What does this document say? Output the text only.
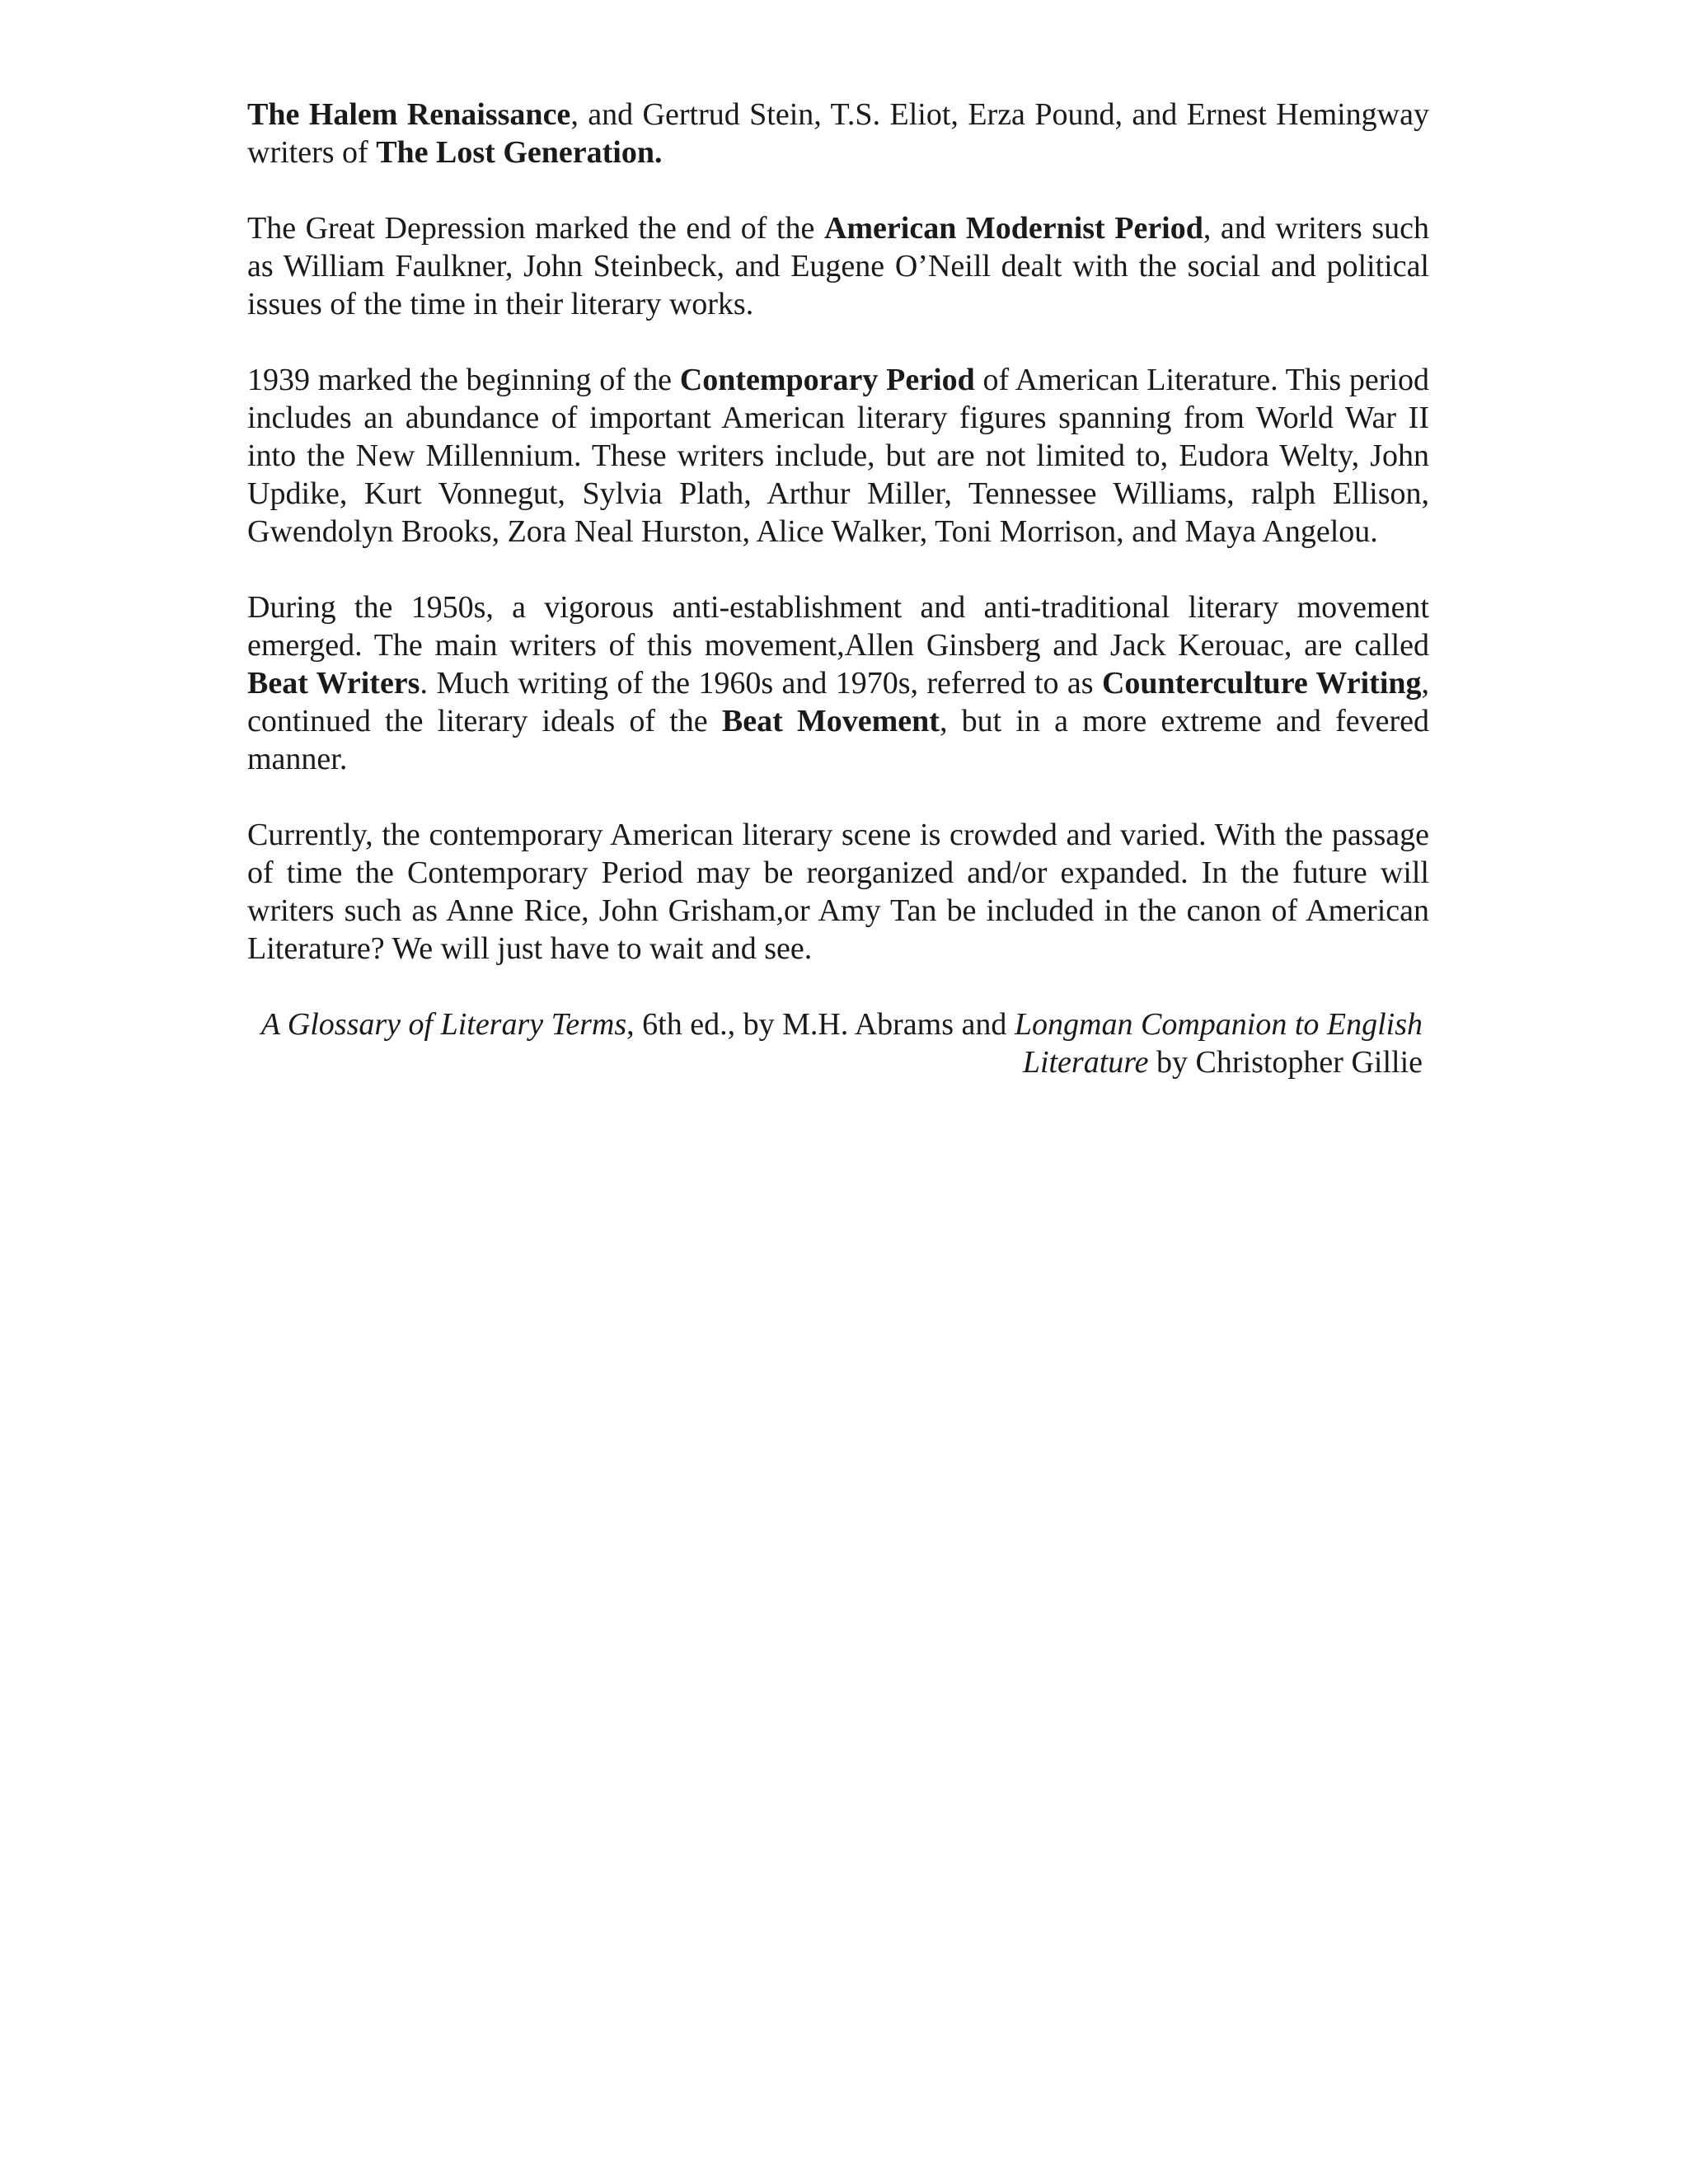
The Halem Renaissance, and Gertrud Stein, T.S. Eliot, Erza Pound, and Ernest Hemingway writers of The Lost Generation.

The Great Depression marked the end of the American Modernist Period, and writers such as William Faulkner, John Steinbeck, and Eugene O’Neill dealt with the social and political issues of the time in their literary works.

1939 marked the beginning of the Contemporary Period of American Literature. This period includes an abundance of important American literary figures spanning from World War II into the New Millennium. These writers include, but are not limited to, Eudora Welty, John Updike, Kurt Vonnegut, Sylvia Plath, Arthur Miller, Tennessee Williams, ralph Ellison, Gwendolyn Brooks, Zora Neal Hurston, Alice Walker, Toni Morrison, and Maya Angelou.

During the 1950s, a vigorous anti-establishment and anti-traditional literary movement emerged. The main writers of this movement,Allen Ginsberg and Jack Kerouac, are called Beat Writers. Much writing of the 1960s and 1970s, referred to as Counterculture Writing, continued the literary ideals of the Beat Movement, but in a more extreme and fevered manner.

Currently, the contemporary American literary scene is crowded and varied. With the passage of time the Contemporary Period may be reorganized and/or expanded. In the future will writers such as Anne Rice, John Grisham,or Amy Tan be included in the canon of American Literature? We will just have to wait and see.

A Glossary of Literary Terms, 6th ed., by M.H. Abrams and Longman Companion to English Literature by Christopher Gillie
